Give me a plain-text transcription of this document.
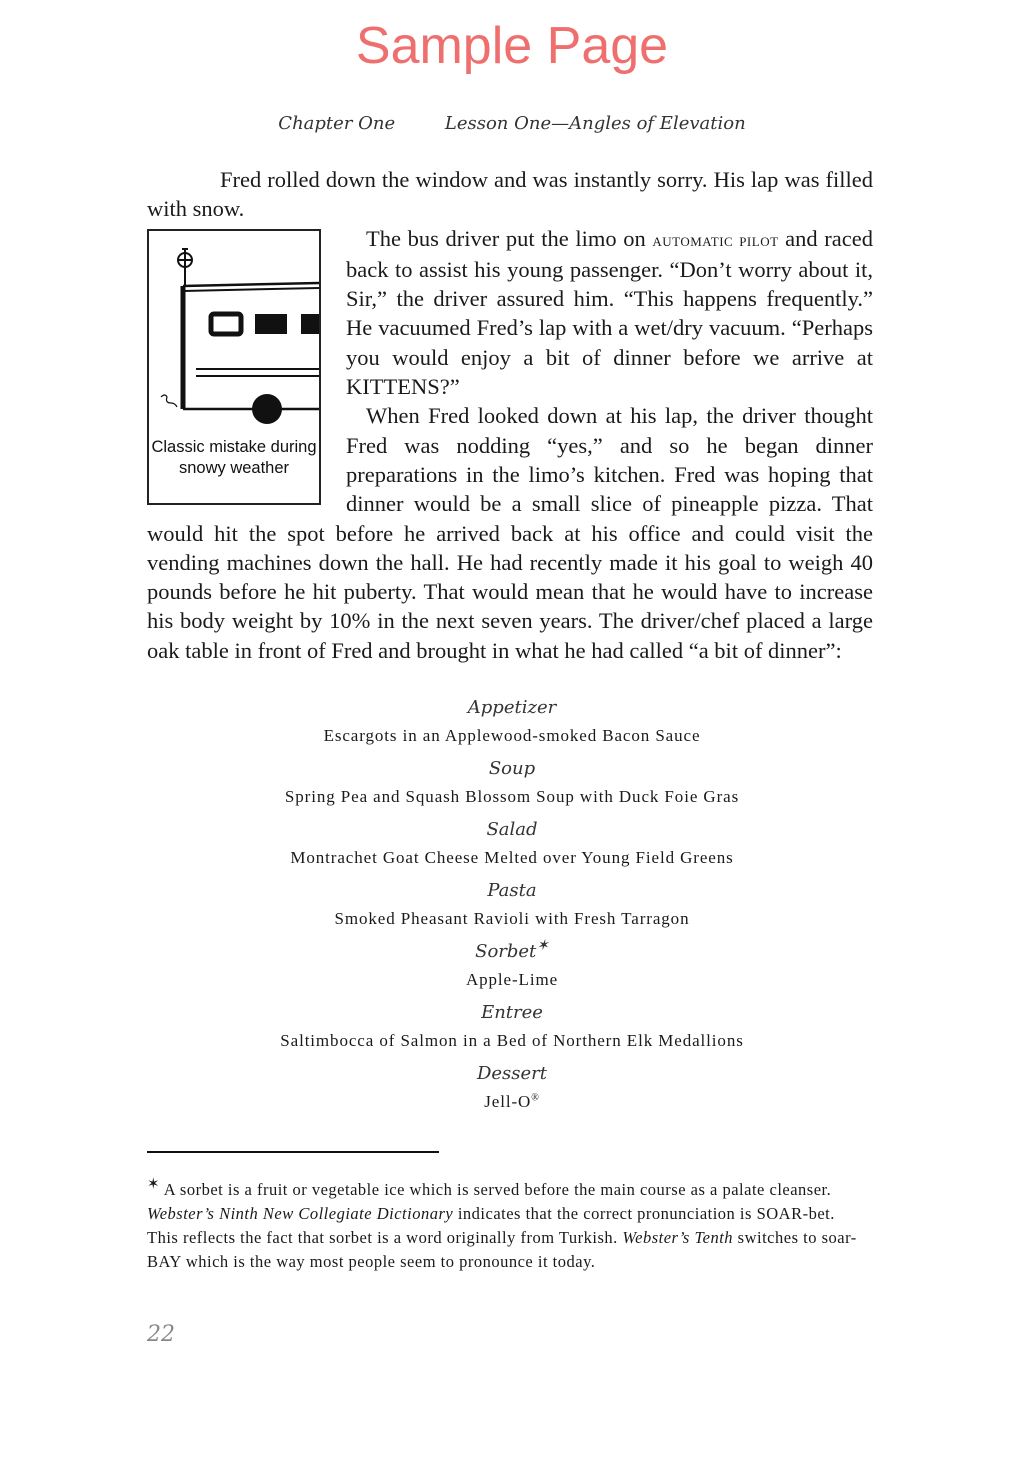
Sample Page
Chapter One	Lesson One—Angles of Elevation

Fred rolled down the window and was instantly sorry. His lap was filled with snow.

Classic mistake during snowy weather

The bus driver put the limo on automatic pilot and raced back to assist his young passenger. “Don’t worry about it, Sir,” the driver assured him. “This happens frequently.” He vacuumed Fred’s lap with a wet/dry vacuum. “Perhaps you would enjoy a bit of dinner before we arrive at KITTENS?”

When Fred looked down at his lap, the driver thought Fred was nodding “yes,” and so he began dinner preparations in the limo’s kitchen. Fred was hoping that dinner would be a small slice of pineapple pizza. That would hit the spot before he arrived back at his office and could visit the vending machines down the hall. He had recently made it his goal to weigh 40 pounds before he hit puberty. That would mean that he would have to increase his body weight by 10% in the next seven years. The driver/chef placed a large oak table in front of Fred and brought in what he had called “a bit of dinner”:

Appetizer
Escargots in an Applewood-smoked Bacon Sauce
Soup
Spring Pea and Squash Blossom Soup with Duck Foie Gras
Salad
Montrachet Goat Cheese Melted over Young Field Greens
Pasta
Smoked Pheasant Ravioli with Fresh Tarragon
Sorbet✶
Apple-Lime
Entree
Saltimbocca of Salmon in a Bed of Northern Elk Medallions
Dessert
Jell-O®
✶ A sorbet is a fruit or vegetable ice which is served before the main course as a palate cleanser. Webster’s Ninth New Collegiate Dictionary indicates that the correct pronunciation is SOAR-bet. This reflects the fact that sorbet is a word originally from Turkish. Webster’s Tenth switches to soar-BAY which is the way most people seem to pronounce it today.
22
